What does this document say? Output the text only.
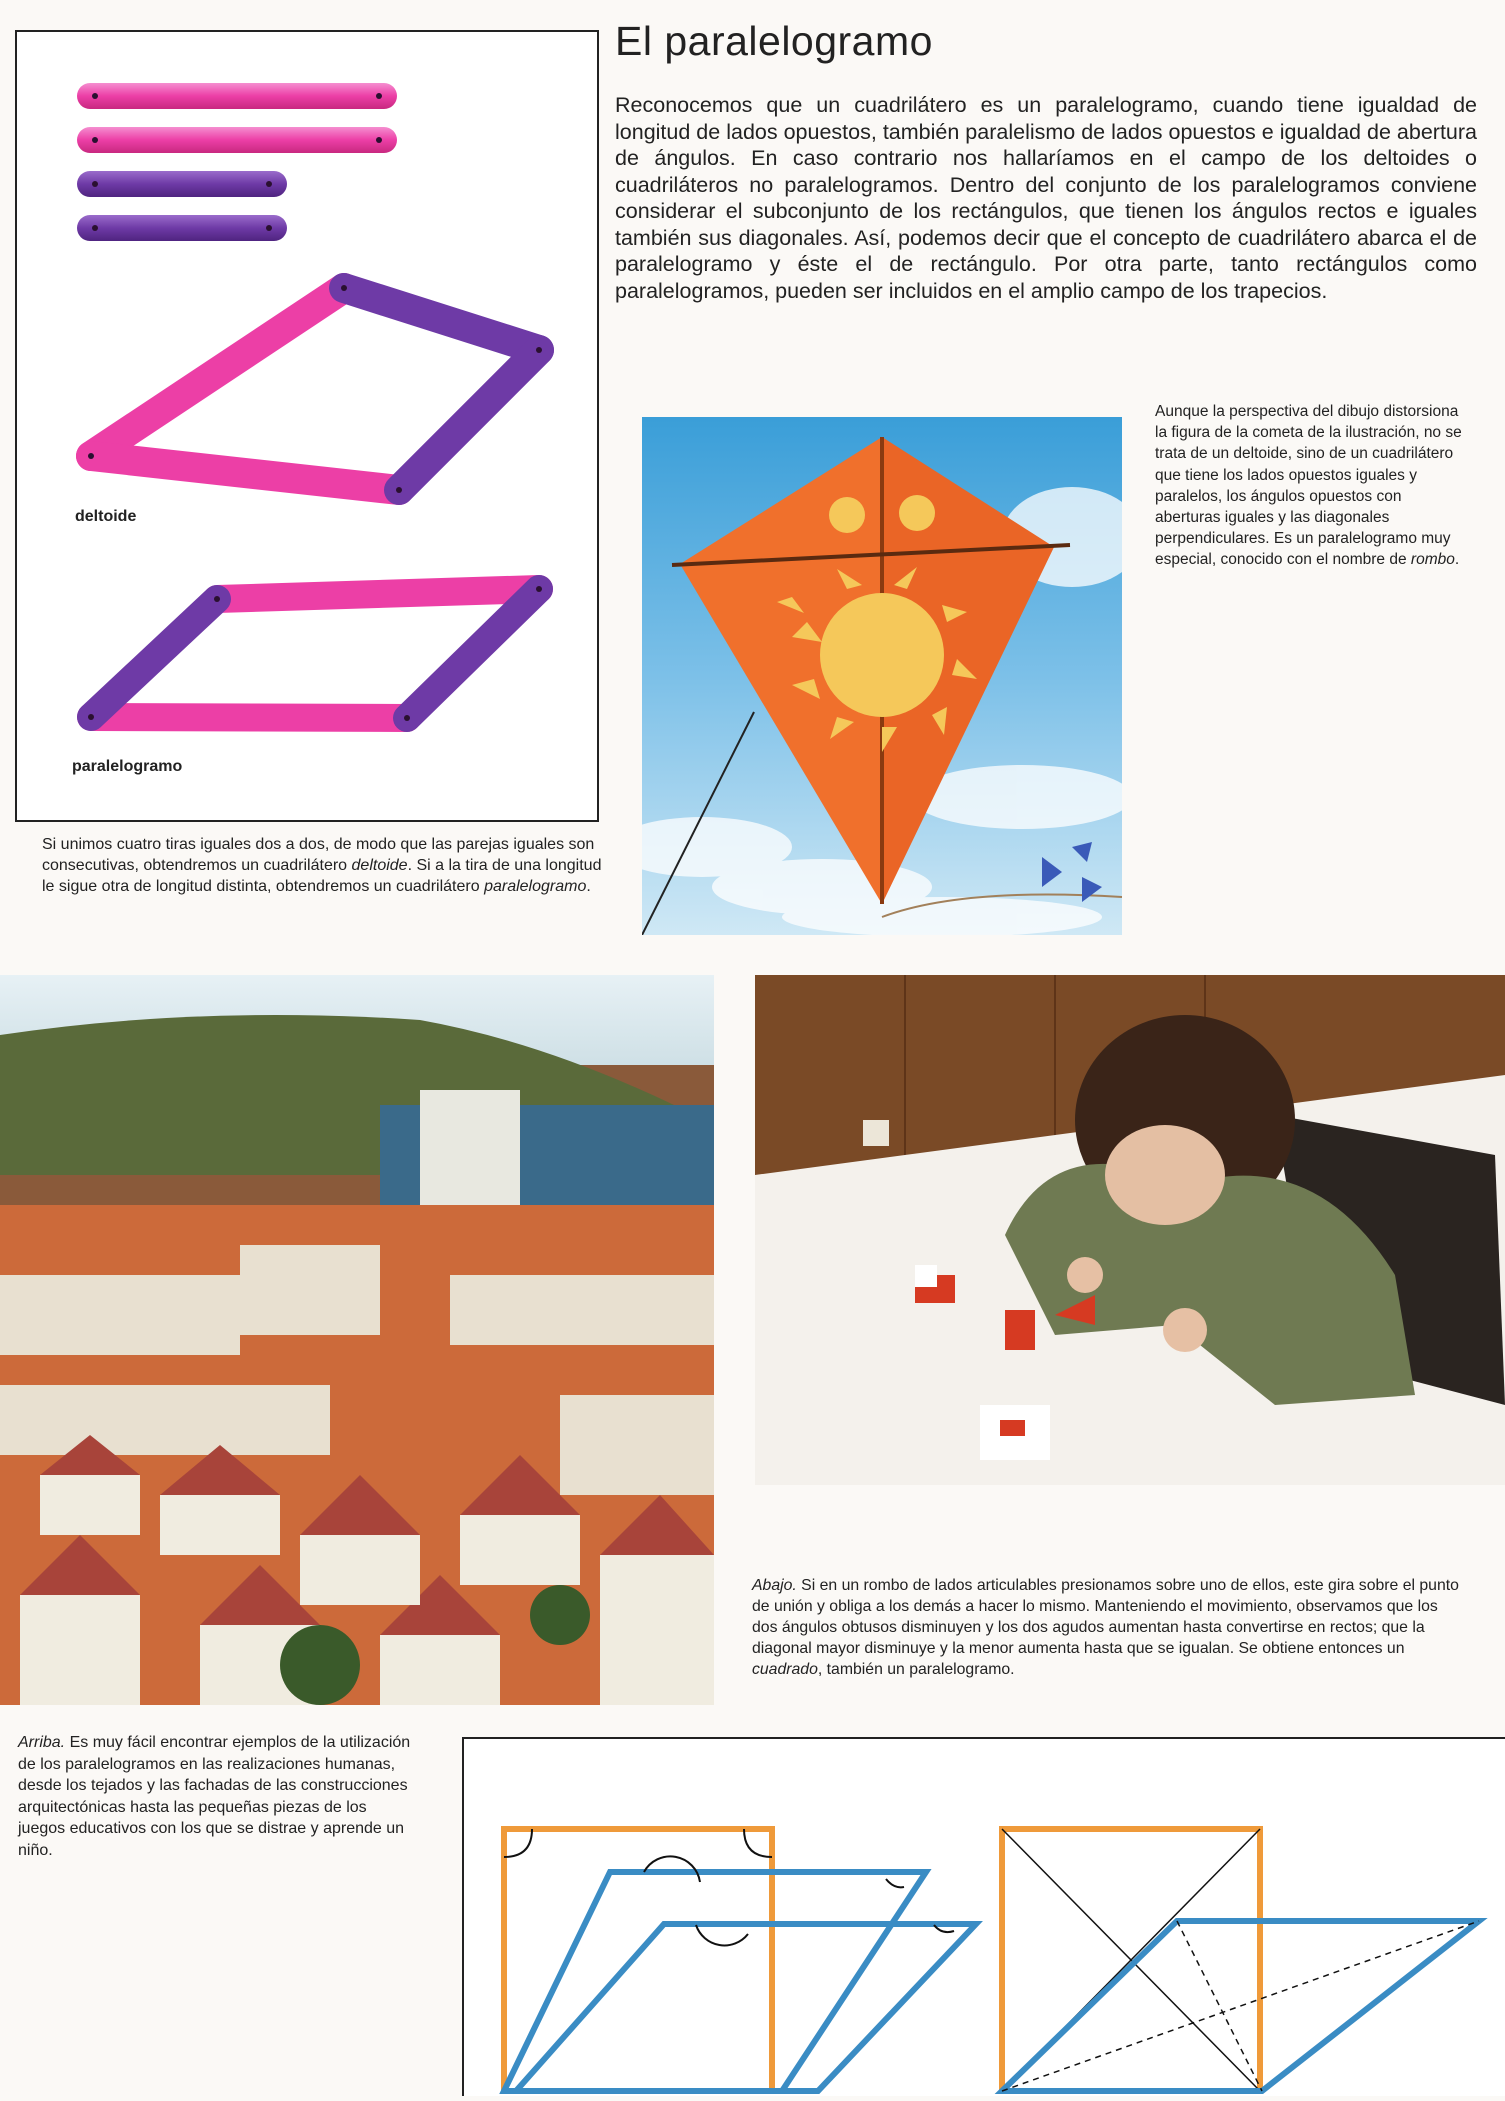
El paralelogramo
Reconocemos que un cuadrilátero es un paralelogramo, cuando tiene igualdad de longitud de lados opuestos, también paralelismo de lados opuestos e igualdad de abertura de ángulos. En caso contrario nos hallaríamos en el campo de los deltoides o cuadriláteros no paralelogramos. Dentro del conjunto de los paralelogramos conviene considerar el subconjunto de los rectángulos, que tienen los ángulos rectos e iguales también sus diagonales. Así, podemos decir que el concepto de cuadrilátero abarca el de paralelogramo y éste el de rectángulo. Por otra parte, tanto rectángulos como paralelogramos, pueden ser incluidos en el amplio campo de los trapecios.
deltoide
paralelogramo
Si unimos cuatro tiras iguales dos a dos, de modo que las parejas iguales son consecutivas, obtendremos un cuadrilátero deltoide. Si a la tira de una longitud le sigue otra de longitud distinta, obtendremos un cuadrilátero paralelogramo.
Aunque la perspectiva del dibujo distorsiona la figura de la cometa de la ilustración, no se trata de un deltoide, sino de un cuadrilátero que tiene los lados opuestos iguales y paralelos, los ángulos opuestos con aberturas iguales y las diagonales perpendiculares. Es un paralelogramo muy especial, conocido con el nombre de rombo.
Arriba. Es muy fácil encontrar ejemplos de la utilización de los paralelogramos en las realizaciones humanas, desde los tejados y las fachadas de las construcciones arquitectónicas hasta las pequeñas piezas de los juegos educativos con los que se distrae y aprende un niño.
Abajo. Si en un rombo de lados articulables presionamos sobre uno de ellos, este gira sobre el punto de unión y obliga a los demás a hacer lo mismo. Manteniendo el movimiento, observamos que los dos ángulos obtusos disminuyen y los dos agudos aumentan hasta convertirse en rectos; que la diagonal mayor disminuye y la menor aumenta hasta que se igualan. Se obtiene entonces un cuadrado, también un paralelogramo.
